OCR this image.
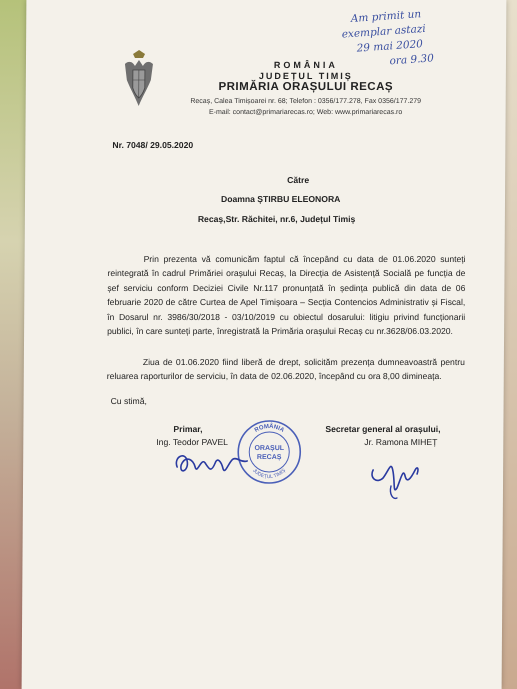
Am primit un
exemplar astazi
29 mai 2020
ora 9.30
ROMÂNIA
JUDEȚUL TIMIȘ
PRIMĂRIA ORAȘULUI RECAȘ
Recaș, Calea Timișoarei nr. 68; Telefon : 0356/177.278, Fax 0356/177.279
E-mail: contact@primariarecas.ro; Web: www.primariarecas.ro
Nr. 7048/ 29.05.2020
Către
Doamna ȘTIRBU ELEONORA
Recaș,Str. Răchitei, nr.6, Județul Timiș

Prin prezenta vă comunicăm faptul că începând cu data de 01.06.2020 sunteți reintegrată în cadrul Primăriei orașului Recaș, la Direcția de Asistență Socială pe funcția de șef serviciu conform Deciziei Civile Nr.117 pronunțată în ședința publică din data de 06 februarie 2020 de către Curtea de Apel Timișoara – Secția Contencios Administrativ și Fiscal, în Dosarul nr. 3986/30/2018 - 03/10/2019 cu obiectul dosarului: litigiu privind funcționarii publici, în care sunteți parte, înregistrată la Primăria orașului Recaș cu nr.3628/06.03.2020.

Ziua de 01.06.2020 fiind liberă de drept, solicităm prezența dumneavoastră pentru reluarea raporturilor de serviciu, în data de 02.06.2020, începând cu ora 8,00 dimineața.

Cu stimă,
Primar,
Ing. Teodor PAVEL
Secretar general al orașului,
Jr. Ramona MIHEȚ
ROMÂNIA
JUDEȚUL TIMIȘ
ORAȘUL
RECAȘ
